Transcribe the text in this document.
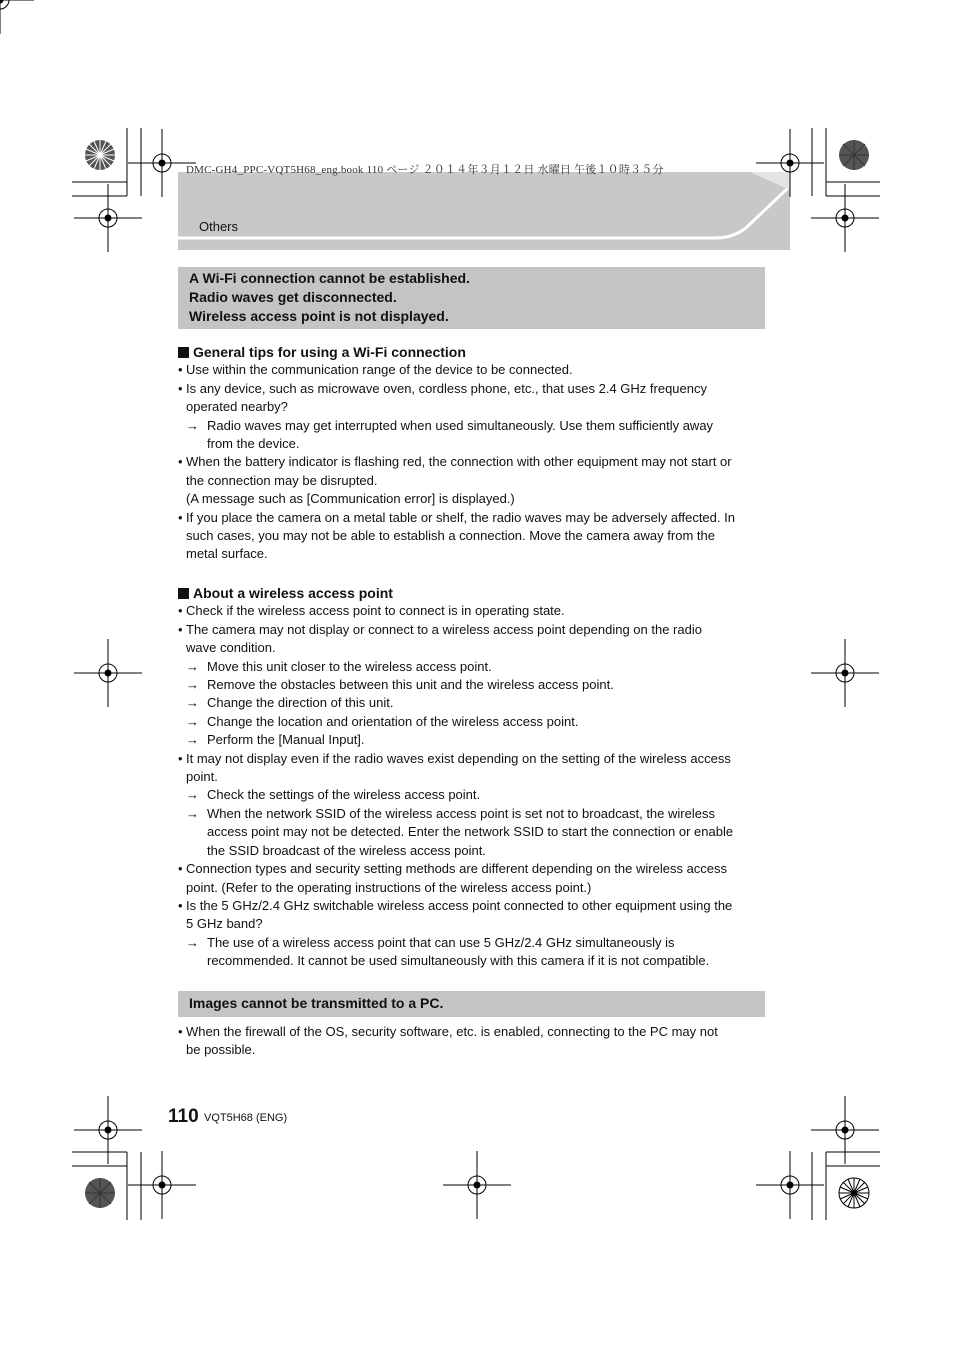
DMC-GH4_PPC-VQT5H68_eng.book 110 ページ ２０１４年３月１２日 水曜日 午後１０時３５分
Others
A Wi-Fi connection cannot be established.
Radio waves get disconnected.
Wireless access point is not displayed.
General tips for using a Wi-Fi connection
• Use within the communication range of the device to be connected.
• Is any device, such as microwave oven, cordless phone, etc., that uses 2.4 GHz frequency
operated nearby?
→ Radio waves may get interrupted when used simultaneously. Use them sufficiently away
from the device.
• When the battery indicator is flashing red, the connection with other equipment may not start or
the connection may be disrupted.
(A message such as [Communication error] is displayed.)
• If you place the camera on a metal table or shelf, the radio waves may be adversely affected. In
such cases, you may not be able to establish a connection. Move the camera away from the
metal surface.
About a wireless access point
• Check if the wireless access point to connect is in operating state.
• The camera may not display or connect to a wireless access point depending on the radio
wave condition.
→ Move this unit closer to the wireless access point.
→ Remove the obstacles between this unit and the wireless access point.
→ Change the direction of this unit.
→ Change the location and orientation of the wireless access point.
→ Perform the [Manual Input].
• It may not display even if the radio waves exist depending on the setting of the wireless access
point.
→ Check the settings of the wireless access point.
→ When the network SSID of the wireless access point is set not to broadcast, the wireless
access point may not be detected. Enter the network SSID to start the connection or enable
the SSID broadcast of the wireless access point.
• Connection types and security setting methods are different depending on the wireless access
point. (Refer to the operating instructions of the wireless access point.)
• Is the 5 GHz/2.4 GHz switchable wireless access point connected to other equipment using the
5 GHz band?
→ The use of a wireless access point that can use 5 GHz/2.4 GHz simultaneously is
recommended. It cannot be used simultaneously with this camera if it is not compatible.
Images cannot be transmitted to a PC.
• When the firewall of the OS, security software, etc. is enabled, connecting to the PC may not
be possible.
110 VQT5H68 (ENG)
